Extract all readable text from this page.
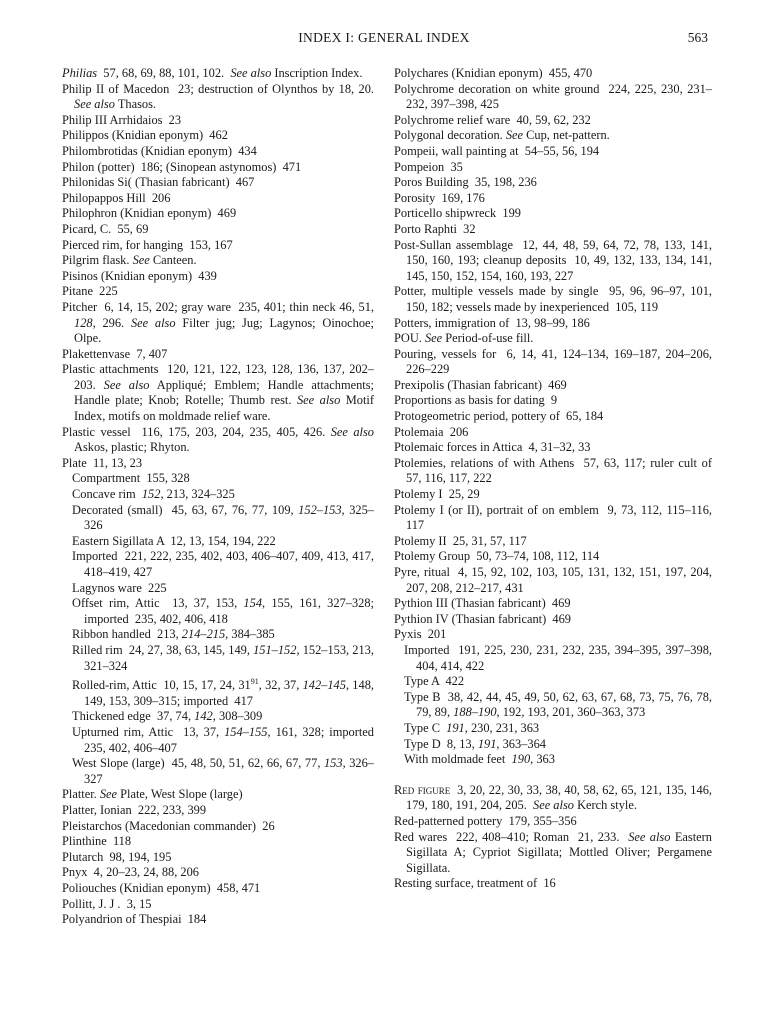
INDEX I: GENERAL INDEX	563

Philias  57, 68, 69, 88, 101, 102.  See also Inscription Index.

Philip II of Macedon  23; destruction of Olynthos by 18, 20. See also Thasos.

Philip III Arrhidaios  23

Philippos (Knidian eponym)  462

Philombrotidas (Knidian eponym)  434

Philon (potter)  186; (Sinopean astynomos)  471

Philonidas Si( (Thasian fabricant)  467

Philopappos Hill  206

Philophron (Knidian eponym)  469

Picard, C.  55, 69

Pierced rim, for hanging  153, 167

Pilgrim flask. See Canteen.

Pisinos (Knidian eponym)  439

Pitane  225

Pitcher  6, 14, 15, 202; gray ware  235, 401; thin neck 46, 51, 128, 296. See also Filter jug; Jug; Lagynos; Oinochoe; Olpe.

Plakettenvase  7, 407

Plastic attachments  120, 121, 122, 123, 128, 136, 137, 202–203. See also Appliqué; Emblem; Handle attachments; Handle plate; Knob; Rotelle; Thumb rest. See also Motif Index, motifs on moldmade relief ware.

Plastic vessel  116, 175, 203, 204, 235, 405, 426. See also Askos, plastic; Rhyton.

Plate  11, 13, 23

Compartment  155, 328

Concave rim  152, 213, 324–325

Decorated (small)  45, 63, 67, 76, 77, 109, 152–153, 325–326

Eastern Sigillata A  12, 13, 154, 194, 222

Imported  221, 222, 235, 402, 403, 406–407, 409, 413, 417, 418–419, 427

Lagynos ware  225

Offset rim, Attic  13, 37, 153, 154, 155, 161, 327–328; imported  235, 402, 406, 418

Ribbon handled  213, 214–215, 384–385

Rilled rim  24, 27, 38, 63, 145, 149, 151–152, 152–153, 213, 321–324

Rolled-rim, Attic  10, 15, 17, 24, $31^{91}$, 32, 37, 142–145, 148, 149, 153, 309–315; imported  417

Thickened edge  37, 74, 142, 308–309

Upturned rim, Attic  13, 37, 154–155, 161, 328; imported  235, 402, 406–407

West Slope (large)  45, 48, 50, 51, 62, 66, 67, 77, 153, 326–327

Platter. See Plate, West Slope (large)

Platter, Ionian  222, 233, 399

Pleistarchos (Macedonian commander)  26

Plinthine  118

Plutarch  98, 194, 195

Pnyx  4, 20–23, 24, 88, 206

Poliouches (Knidian eponym)  458, 471

Pollitt, J. J .  3, 15

Polyandrion of Thespiai  184

Polychares (Knidian eponym)  455, 470

Polychrome decoration on white ground  224, 225, 230, 231–232, 397–398, 425

Polychrome relief ware  40, 59, 62, 232

Polygonal decoration. See Cup, net-pattern.

Pompeii, wall painting at  54–55, 56, 194

Pompeion  35

Poros Building  35, 198, 236

Porosity  169, 176

Porticello shipwreck  199

Porto Raphti  32

Post-Sullan assemblage  12, 44, 48, 59, 64, 72, 78, 133, 141, 150, 160, 193; cleanup deposits  10, 49, 132, 133, 134, 141, 145, 150, 152, 154, 160, 193, 227

Potter, multiple vessels made by single  95, 96, 96–97, 101, 150, 182; vessels made by inexperienced  105, 119

Potters, immigration of  13, 98–99, 186

POU. See Period-of-use fill.

Pouring, vessels for  6, 14, 41, 124–134, 169–187, 204–206, 226–229

Prexipolis (Thasian fabricant)  469

Proportions as basis for dating  9

Protogeometric period, pottery of  65, 184

Ptolemaia  206

Ptolemaic forces in Attica  4, 31–32, 33

Ptolemies, relations of with Athens  57, 63, 117; ruler cult of  57, 116, 117, 222

Ptolemy I  25, 29

Ptolemy I (or II), portrait of on emblem  9, 73, 112, 115–116, 117

Ptolemy II  25, 31, 57, 117

Ptolemy Group  50, 73–74, 108, 112, 114

Pyre, ritual  4, 15, 92, 102, 103, 105, 131, 132, 151, 197, 204, 207, 208, 212–217, 431

Pythion III (Thasian fabricant)  469

Pythion IV (Thasian fabricant)  469

Pyxis  201

Imported  191, 225, 230, 231, 232, 235, 394–395, 397–398, 404, 414, 422

Type A  422

Type B  38, 42, 44, 45, 49, 50, 62, 63, 67, 68, 73, 75, 76, 78, 79, 89, 188–190, 192, 193, 201, 360–363, 373

Type C  191, 230, 231, 363

Type D  8, 13, 191, 363–364

With moldmade feet  190, 363

Red figure  3, 20, 22, 30, 33, 38, 40, 58, 62, 65, 121, 135, 146, 179, 180, 191, 204, 205.  See also Kerch style.

Red-patterned pottery  179, 355–356

Red wares  222, 408–410; Roman  21, 233.  See also Eastern Sigillata A; Cypriot Sigillata; Mottled Oliver; Pergamene Sigillata.

Resting surface, treatment of  16
